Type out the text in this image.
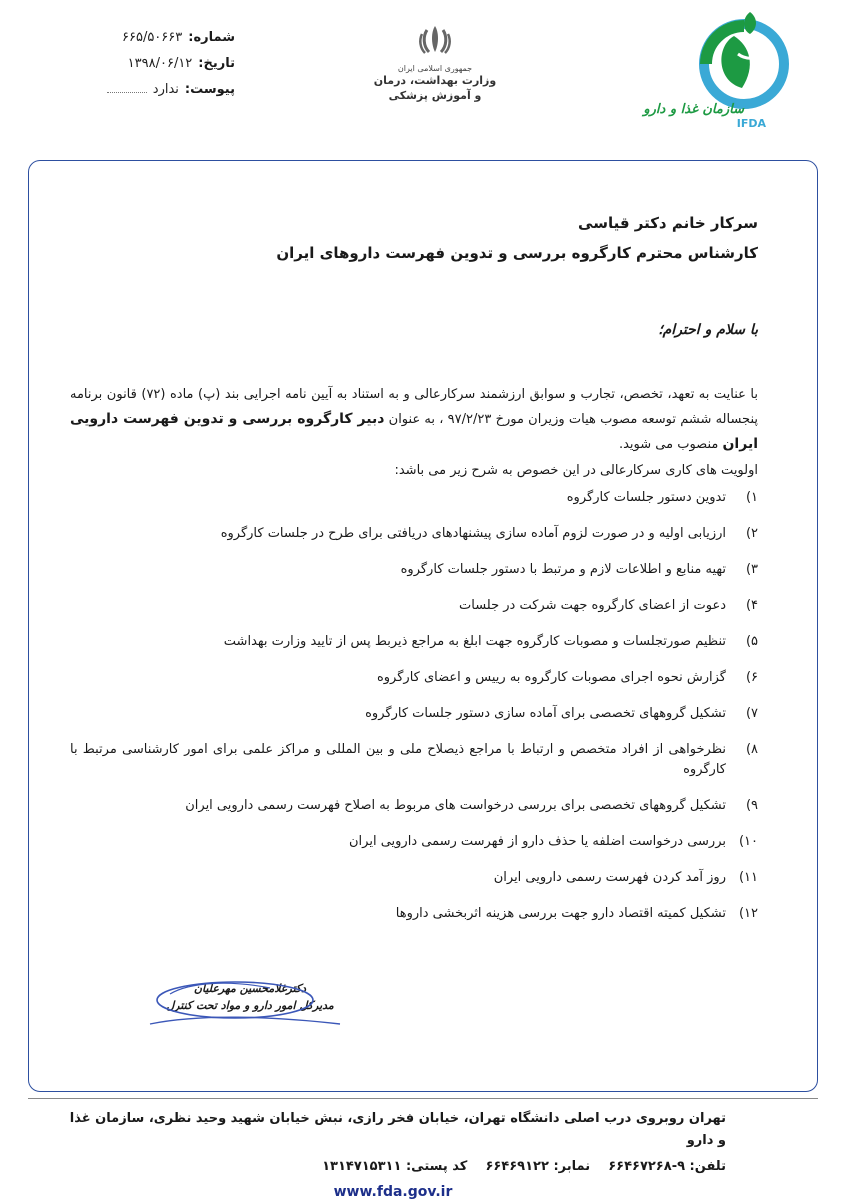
سازمان غذا و دارو
IFDA
جمهوری اسلامی ایران
وزارت بهداشت، درمان
و آموزش پزشکی
شماره:
۶۶۵/۵۰۶۶۳
تاریخ:
۱۳۹۸/۰۶/۱۲
پیوست:
ندارد
سرکار خانم دکتر قیاسی
کارشناس محترم کارگروه بررسی و تدوین فهرست داروهای ایران
با سلام و احترام؛
با عنایت به تعهد، تخصص، تجارب و سوابق ارزشمند سرکارعالی و به استناد به آیین نامه اجرایی بند (پ) ماده (۷۲) قانون برنامه پنجساله ششم توسعه مصوب هیات وزیران مورخ ۹۷/۲/۲۳ ، به عنوان دبیر کارگروه بررسی و تدوین فهرست دارویی ایران منصوب می شوید.
اولویت های کاری سرکارعالی در این خصوص به شرح زیر می باشد:
۱)
تدوین دستور جلسات کارگروه
۲)
ارزیابی اولیه و در صورت لزوم آماده سازی پیشنهادهای دریافتی برای طرح در جلسات کارگروه
۳)
تهیه منابع و اطلاعات لازم و مرتبط با دستور جلسات کارگروه
۴)
دعوت از اعضای کارگروه جهت شرکت در جلسات
۵)
تنظیم صورتجلسات و مصوبات کارگروه جهت ابلغ به مراجع ذیربط پس از تایید وزارت بهداشت
۶)
گزارش نحوه اجرای مصوبات کارگروه به رییس و اعضای کارگروه
۷)
تشکیل گروههای تخصصی برای آماده سازی دستور جلسات کارگروه
۸)
نظرخواهی از افراد متخصص و ارتباط با مراجع ذیصلاح ملی و بین المللی و مراکز علمی برای امور کارشناسی مرتبط با کارگروه
۹)
تشکیل گروههای تخصصی برای بررسی درخواست های مربوط به اصلاح فهرست رسمی دارویی ایران
۱۰)
بررسی درخواست اضلفه یا حذف دارو از فهرست رسمی دارویی ایران
۱۱)
روز آمد کردن فهرست رسمی دارویی ایران
۱۲)
تشکیل کمیته اقتصاد دارو جهت بررسی هزینه اثربخشی داروها
دکترغلامحسین مهرعلیان
مدیرکل امور دارو و مواد تحت کنترل
تهران روبروی درب اصلی دانشگاه تهران، خیابان فخر رازی، نبش خیابان شهید وحید نظری، سازمان غذا و دارو
تلفن: ۹-۶۶۴۶۷۲۶۸    نمابر: ۶۶۴۶۹۱۲۲    کد پستی: ۱۳۱۴۷۱۵۳۱۱
www.fda.gov.ir
